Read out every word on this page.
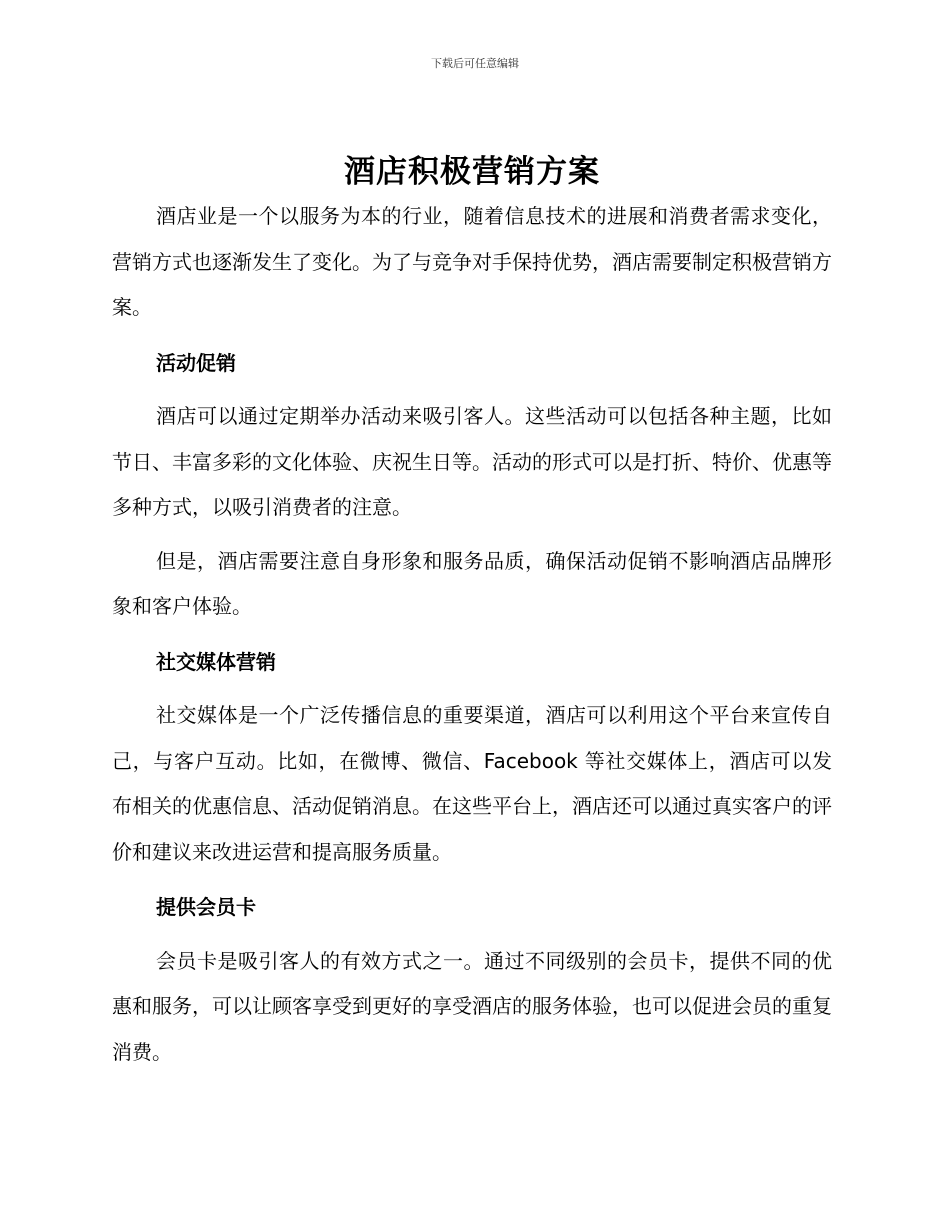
下载后可任意编辑
酒店积极营销方案

酒店业是一个以服务为本的行业，随着信息技术的进展和消费者需求变化，营销方式也逐渐发生了变化。为了与竞争对手保持优势，酒店需要制定积极营销方案。

活动促销

酒店可以通过定期举办活动来吸引客人。这些活动可以包括各种主题，比如节日、丰富多彩的文化体验、庆祝生日等。活动的形式可以是打折、特价、优惠等多种方式，以吸引消费者的注意。

但是，酒店需要注意自身形象和服务品质，确保活动促销不影响酒店品牌形象和客户体验。

社交媒体营销

社交媒体是一个广泛传播信息的重要渠道，酒店可以利用这个平台来宣传自己，与客户互动。比如，在微博、微信、Facebook 等社交媒体上，酒店可以发布相关的优惠信息、活动促销消息。在这些平台上，酒店还可以通过真实客户的评价和建议来改进运营和提高服务质量。

提供会员卡

会员卡是吸引客人的有效方式之一。通过不同级别的会员卡，提供不同的优惠和服务，可以让顾客享受到更好的享受酒店的服务体验，也可以促进会员的重复消费。
